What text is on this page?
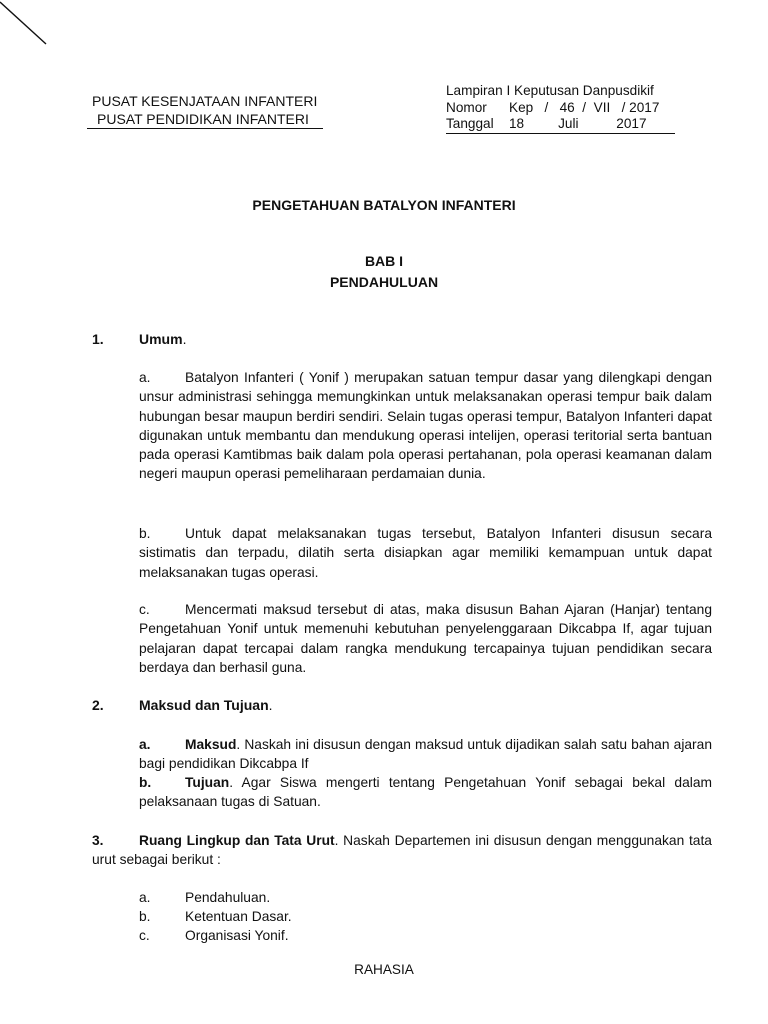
PUSAT KESENJATAAN INFANTERI
PUSAT PENDIDIKAN INFANTERI
Lampiran I Keputusan Danpusdikif
Nomor	Kep   /   46  /  VII   / 2017
Tanggal	18         Juli          2017
PENGETAHUAN BATALYON INFANTERI
BAB I
PENDAHULUAN
1.	Umum.
a. Batalyon Infanteri ( Yonif ) merupakan satuan tempur dasar yang dilengkapi dengan unsur administrasi sehingga memungkinkan untuk melaksanakan operasi tempur baik dalam hubungan besar maupun berdiri sendiri. Selain tugas operasi tempur, Batalyon Infanteri dapat digunakan untuk membantu dan mendukung operasi intelijen, operasi teritorial serta bantuan pada operasi Kamtibmas baik dalam pola operasi pertahanan, pola operasi keamanan dalam negeri maupun operasi pemeliharaan perdamaian dunia.
b. Untuk dapat melaksanakan tugas tersebut, Batalyon Infanteri disusun secara sistimatis dan terpadu, dilatih serta disiapkan agar memiliki kemampuan untuk dapat melaksanakan tugas operasi.
c.	Mencermati maksud tersebut di atas, maka disusun Bahan Ajaran (Hanjar) tentang Pengetahuan Yonif untuk memenuhi kebutuhan penyelenggaraan Dikcabpa If, agar tujuan pelajaran dapat tercapai dalam rangka mendukung tercapainya tujuan pendidikan secara berdaya dan berhasil guna.
2.	Maksud dan Tujuan.
a. Maksud. Naskah ini disusun dengan maksud untuk dijadikan salah satu bahan ajaran bagi pendidikan Dikcabpa If
b. Tujuan. Agar Siswa mengerti tentang Pengetahuan Yonif sebagai bekal dalam pelaksanaan tugas di Satuan.
3.	Ruang Lingkup dan Tata Urut. Naskah Departemen ini disusun dengan menggunakan tata urut sebagai berikut :
a. Pendahuluan.
b. Ketentuan Dasar.
c.	Organisasi Yonif.
RAHASIA
